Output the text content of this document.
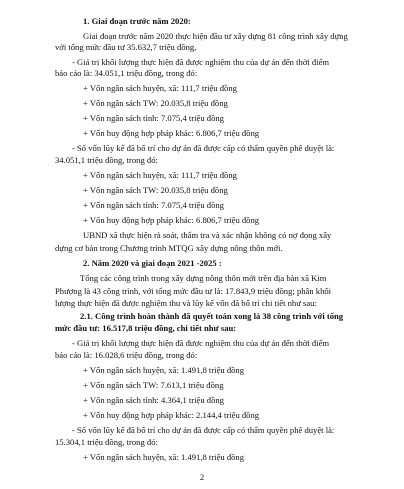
1. Giai đoạn trước năm 2020:
Giai đoạn trước năm 2020 thực hiện đầu tư xây dựng 81 công trình xây dựng
với tổng mức đầu tư 35.632,7 triệu đồng,
- Giá trị khối lượng thực hiện đã được nghiệm thu của dự án đến thời điểm
báo cáo là: 34.051,1 triệu đồng, trong đó:
+ Vốn ngân sách huyện, xã: 111,7 triệu đồng
+ Vốn ngân sách TW: 20.035,8 triệu đồng
+ Vốn ngân sách tỉnh: 7.075,4 triệu đồng
+ Vốn huy động hợp pháp khác: 6.806,7 triệu đồng
- Số vốn lũy kế đã bố trí cho dự án đã được cấp có thẩm quyền phê duyệt là:
34.051,1 triệu đồng, trong đó:
+ Vốn ngân sách huyện, xã: 111,7 triệu đồng
+ Vốn ngân sách TW: 20.035,8 triệu đồng
+ Vốn ngân sách tỉnh: 7.075,4 triệu đồng
+ Vốn huy động hợp pháp khác: 6.806,7 triệu đồng
UBND xã thực hiện rà soát, thẩm tra và xác nhận không có nợ đọng xây
dựng cơ bản trong Chương trình MTQG xây dựng nông thôn mới.
2. Năm 2020 và giai đoạn 2021 -2025 :
Tổng các công trình trong xây dựng nông thôn mới trên địa bàn xã Kim
Phượng là 43 công trình, với tổng mức đầu tư là: 17.843,9 triệu đồng; phân khối
lượng thực hiện đã được nghiệm thu và lũy kế vốn đã bố trí chi tiết như sau:
2.1. Công trình hoàn thành đã quyết toán xong là 38 công trình với tổng
mức đầu tư: 16.517,8 triệu đồng, chi tiết như sau:
- Giá trị khối lượng thực hiện đã được nghiệm thu của dự án đến thời điểm
báo cáo là: 16.028,6 triệu đồng, trong đó:
+ Vốn ngân sách huyện, xã: 1.491,8 triệu đồng
+ Vốn ngân sách TW: 7.613,1 triệu đồng
+ Vốn ngân sách tỉnh: 4.364,1 triệu đồng
+ Vốn huy động hợp pháp khác: 2.144,4 triệu đồng
- Số vốn lũy kế đã bố trí cho dự án đã được cấp có thẩm quyền phê duyệt là:
15.304,1 triệu đồng, trong đó:
+ Vốn ngân sách huyện, xã: 1.491,8 triệu đồng
2
